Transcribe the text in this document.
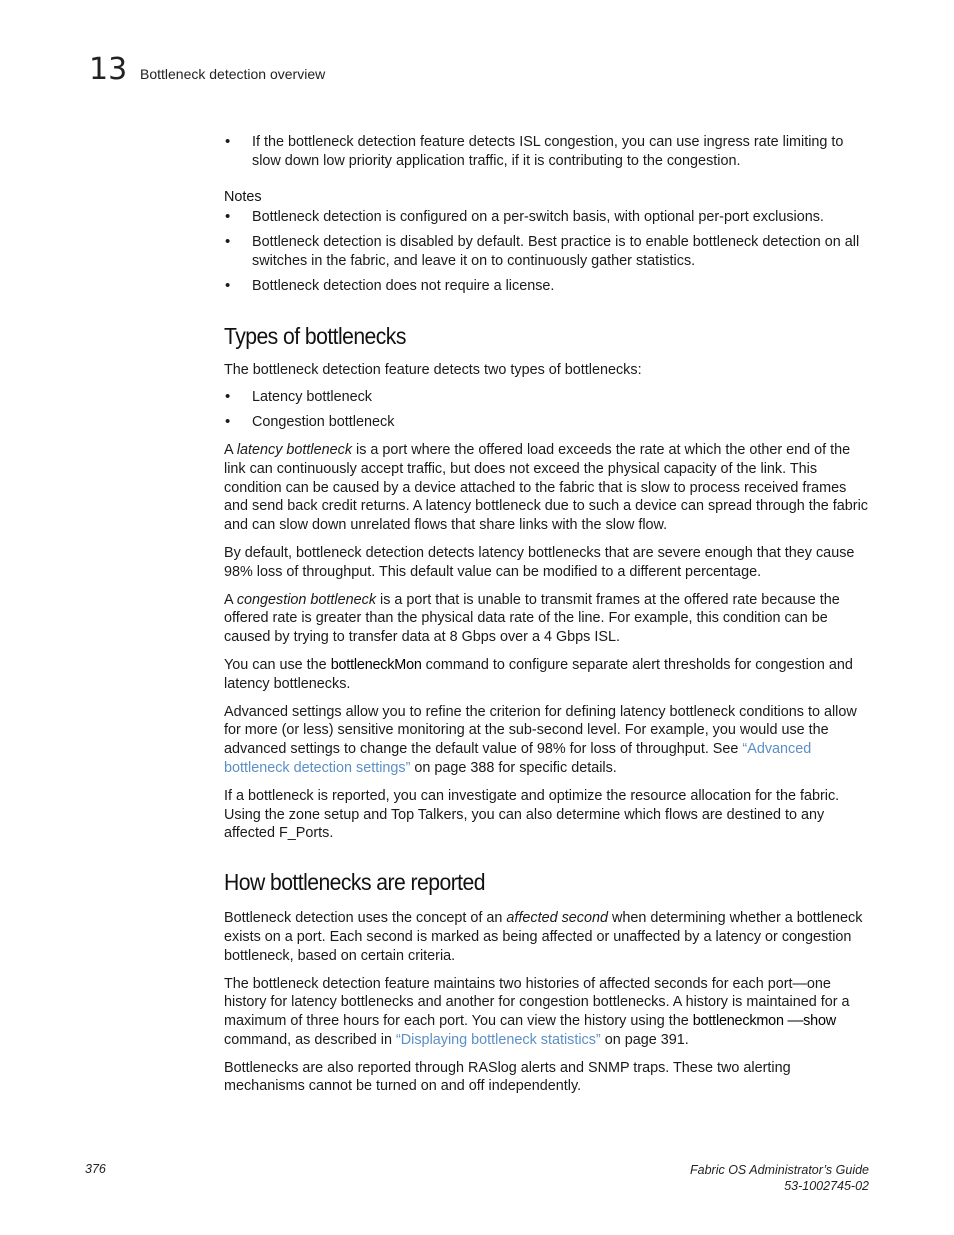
13 Bottleneck detection overview
• If the bottleneck detection feature detects ISL congestion, you can use ingress rate limiting to slow down low priority application traffic, if it is contributing to the congestion.
Notes
• Bottleneck detection is configured on a per-switch basis, with optional per-port exclusions.
• Bottleneck detection is disabled by default. Best practice is to enable bottleneck detection on all switches in the fabric, and leave it on to continuously gather statistics.
• Bottleneck detection does not require a license.
Types of bottlenecks

The bottleneck detection feature detects two types of bottlenecks:

• Latency bottleneck
• Congestion bottleneck

A latency bottleneck is a port where the offered load exceeds the rate at which the other end of the link can continuously accept traffic, but does not exceed the physical capacity of the link. This condition can be caused by a device attached to the fabric that is slow to process received frames and send back credit returns. A latency bottleneck due to such a device can spread through the fabric and can slow down unrelated flows that share links with the slow flow.

By default, bottleneck detection detects latency bottlenecks that are severe enough that they cause 98% loss of throughput. This default value can be modified to a different percentage.

A congestion bottleneck is a port that is unable to transmit frames at the offered rate because the offered rate is greater than the physical data rate of the line. For example, this condition can be caused by trying to transfer data at 8 Gbps over a 4 Gbps ISL.

You can use the bottleneckMon command to configure separate alert thresholds for congestion and latency bottlenecks.

Advanced settings allow you to refine the criterion for defining latency bottleneck conditions to allow for more (or less) sensitive monitoring at the sub-second level. For example, you would use the advanced settings to change the default value of 98% for loss of throughput. See “Advanced bottleneck detection settings” on page 388 for specific details.

If a bottleneck is reported, you can investigate and optimize the resource allocation for the fabric. Using the zone setup and Top Talkers, you can also determine which flows are destined to any affected F_Ports.

How bottlenecks are reported

Bottleneck detection uses the concept of an affected second when determining whether a bottleneck exists on a port. Each second is marked as being affected or unaffected by a latency or congestion bottleneck, based on certain criteria.

The bottleneck detection feature maintains two histories of affected seconds for each port—one history for latency bottlenecks and another for congestion bottlenecks. A history is maintained for a maximum of three hours for each port. You can view the history using the bottleneckmon ––show command, as described in “Displaying bottleneck statistics” on page 391.

Bottlenecks are also reported through RASlog alerts and SNMP traps. These two alerting mechanisms cannot be turned on and off independently.

376	Fabric OS Administrator’s Guide
53-1002745-02
